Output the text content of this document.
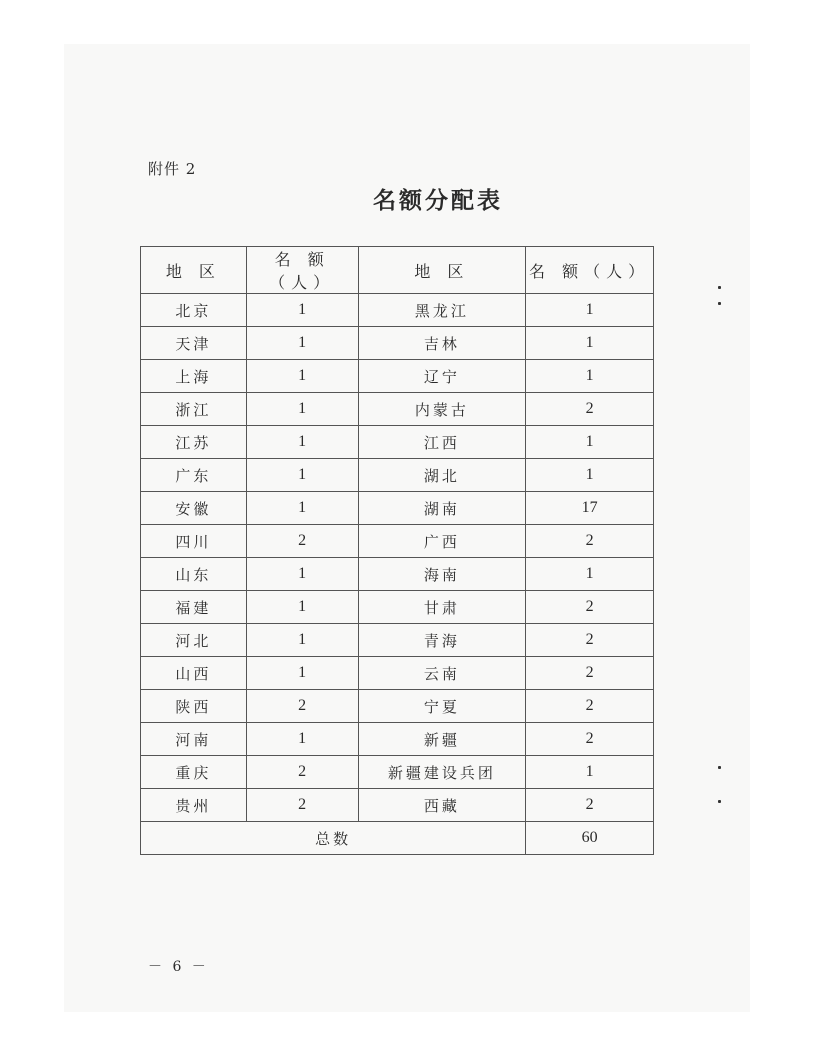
附件 2
名额分配表
地 区	名 额（人）	地 区	名 额（人）
北京	1	黑龙江	1
天津	1	吉林	1
上海	1	辽宁	1
浙江	1	内蒙古	2
江苏	1	江西	1
广东	1	湖北	1
安徽	1	湖南	17
四川	2	广西	2
山东	1	海南	1
福建	1	甘肃	2
河北	1	青海	2
山西	1	云南	2
陕西	2	宁夏	2
河南	1	新疆	2
重庆	2	新疆建设兵团	1
贵州	2	西藏	2
总数			60
－ 6 －
